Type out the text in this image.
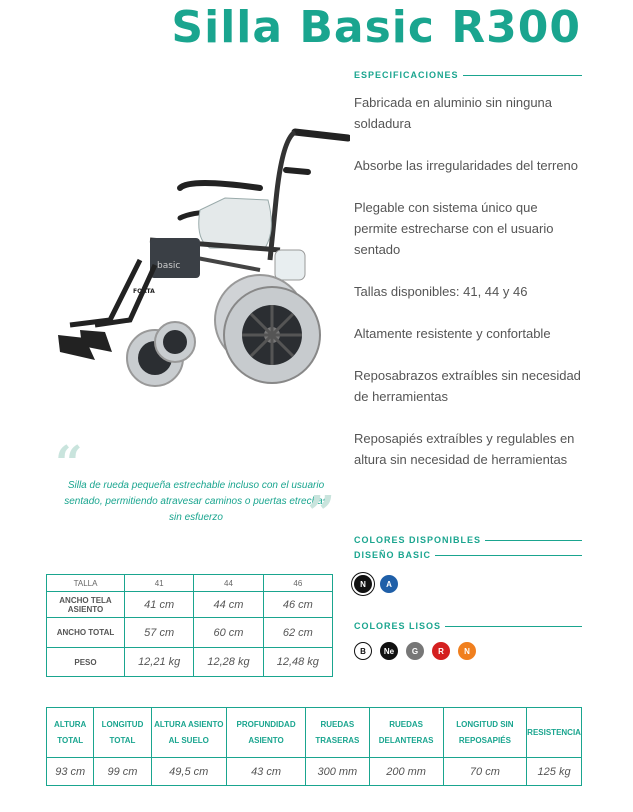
Silla Basic R300
ESPECIFICACIONES

Fabricada en aluminio sin ninguna soldadura

Absorbe las irregularidades del terreno

Plegable con sistema único que permite estrecharse con el usuario sentado

Tallas disponibles: 41, 44 y 46

Altamente resistente y confortable

Reposabrazos extraíbles sin necesidad de herramientas

Reposapiés extraíbles y regulables en altura sin necesidad de herramientas

basic
FORTA
“

Silla de rueda pequeña estrechable incluso con el usuario sentado, permitiendo atravesar caminos o puertas etrechas sin esfuerzo	” COLORES DISPONIBLES
DISEÑO BASIC
N	A
COLORES LISOS
B	Ne	G	R	N
TALLA	41	44	46
ANCHO TELA ASIENTO	41 cm	44 cm	46 cm
ANCHO TOTAL	57 cm	60 cm	62 cm
PESO	12,21 kg	12,28 kg	12,48 kg
ALTURA TOTAL	LONGITUD TOTAL	ALTURA ASIENTO AL SUELO	PROFUNDIDAD ASIENTO	RUEDAS TRASERAS	RUEDAS DELANTERAS	LONGITUD SIN REPOSAPIÉS	RESISTENCIA
93 cm	99 cm	49,5 cm	43 cm	300 mm	200 mm	70 cm	125 kg
